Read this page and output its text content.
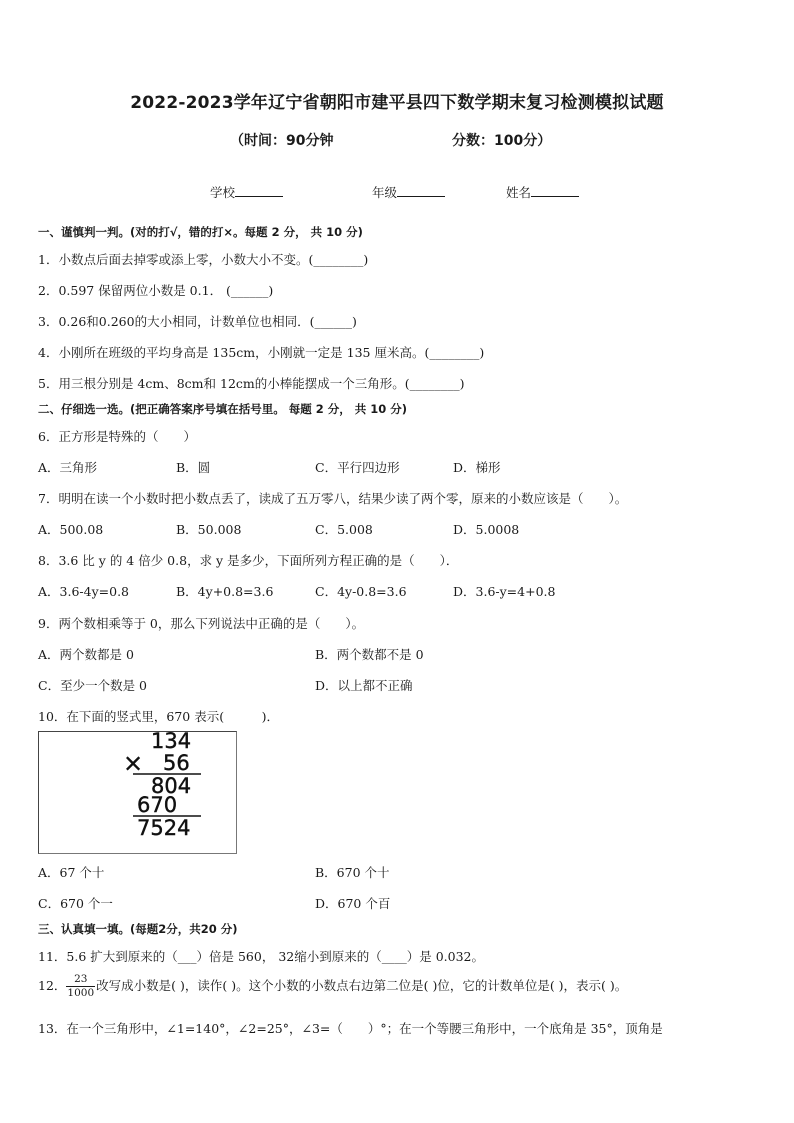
2022-2023学年辽宁省朝阳市建平县四下数学期末复习检测模拟试题
（时间：90分钟	分数：100分）
学校	年级	姓名
一、谨慎判一判。(对的打√，错的打×。每题 2 分， 共 10 分)
1．小数点后面去掉零或添上零，小数大小不变。(________)
2．0.597 保留两位小数是 0.1． (______)
3．0.26和0.260的大小相同，计数单位也相同．(______)
4．小刚所在班级的平均身高是 135cm，小刚就一定是 135 厘米高。(________)
5．用三根分别是 4cm、8cm和 12cm的小棒能摆成一个三角形。(________)
二、仔细选一选。(把正确答案序号填在括号里。 每题 2 分， 共 10 分)
6．正方形是特殊的（　　）
A．三角形	B．圆	C．平行四边形	D．梯形
7．明明在读一个小数时把小数点丢了，读成了五万零八，结果少读了两个零，原来的小数应该是（　　）。
A．500.08	B．50.008	C．5.008	D．5.0008
8．3.6 比 y 的 4 倍少 0.8，求 y 是多少，下面所列方程正确的是（　　）．
A．3.6-4y=0.8	B．4y+0.8=3.6	C．4y-0.8=3.6	D．3.6-y=4+0.8
9．两个数相乘等于 0，那么下列说法中正确的是（　　）。
A．两个数都是 0	B．两个数都不是 0
C．至少一个数是 0	D．以上都不正确
10．在下面的竖式里，670 表示(　　　)．
134
× 56
804
670
7524
A．67 个十	B．670 个十
C．670 个一	D．670 个百
三、认真填一填。(每题2分，共20 分)
11．5.6 扩大到原来的（___）倍是 560， 32缩小到原来的（____）是 0.032。
12． $\frac{23}{1000}$ 改写成小数是( )，读作( )。这个小数的小数点右边第二位是( )位，它的计数单位是( )，表示( )。
13．在一个三角形中，∠1=140°，∠2=25°，∠3=（　　）°；在一个等腰三角形中，一个底角是 35°，顶角是
